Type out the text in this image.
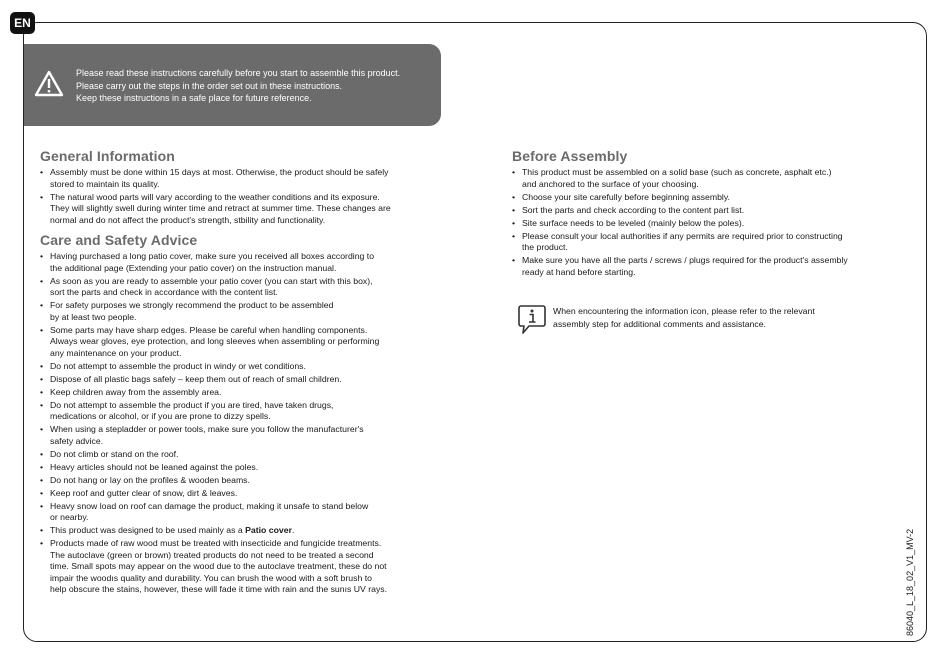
EN
Please read these instructions carefully before you start to assemble this product.
Please carry out the steps in the order set out in these instructions.
Keep these instructions in a safe place for future reference.
General Information
• Assembly must be done within 15 days at most. Otherwise, the product should be safely
stored to maintain its quality.
• The natural wood parts will vary according to the weather conditions and its exposure.
They will slightly swell during winter time and retract at summer time. These changes are
normal and do not affect the product's strength, stbility and functionality.
Care and Safety Advice
• Having purchased a long patio cover, make sure you received all boxes according to
the additional page (Extending your patio cover) on the instruction manual.
• As soon as you are ready to assemble your patio cover (you can start with this box),
sort the parts and check in accordance with the content list.
• For safety purposes we strongly recommend the product to be assembled
by at least two people.
• Some parts may have sharp edges. Please be careful when handling components.
Always wear gloves, eye protection, and long sleeves when assembling or performing
any maintenance on your product.
• Do not attempt to assemble the product in windy or wet conditions.
• Dispose of all plastic bags safely – keep them out of reach of small children.
• Keep children away from the assembly area.
• Do not attempt to assemble the product if you are tired, have taken drugs,
medications or alcohol, or if you are prone to dizzy spells.
• When using a stepladder or power tools, make sure you follow the manufacturer's
safety advice.
• Do not climb or stand on the roof.
• Heavy articles should not be leaned against the poles.
• Do not hang or lay on the profiles & wooden beams.
• Keep roof and gutter clear of snow, dirt & leaves.
• Heavy snow load on roof can damage the product, making it unsafe to stand below
or nearby.
• This product was designed to be used mainly as a Patio cover.
• Products made of raw wood must be treated with insecticide and fungicide treatments.
The autoclave (green or brown) treated products do not need to be treated a second
time. Small spots may appear on the wood due to the autoclave treatment, these do not
impair the woodıs quality and durability. You can brush the wood with a soft brush to
help obscure the stains, however, these will fade it time with rain and the sunıs UV rays.
Before Assembly
• This product must be assembled on a solid base (such as concrete, asphalt etc.)
and anchored to the surface of your choosing.
• Choose your site carefully before beginning assembly.
• Sort the parts and check according to the content part list.
• Site surface needs to be leveled (mainly below the poles).
• Please consult your local authorities if any permits are required prior to constructing
the product.
• Make sure you have all the parts / screws / plugs required for the product's assembly
ready at hand before starting.
When encountering the information icon, please refer to the relevant
assembly step for additional comments and assistance.
86040_L_18_02_V1_MV-2
